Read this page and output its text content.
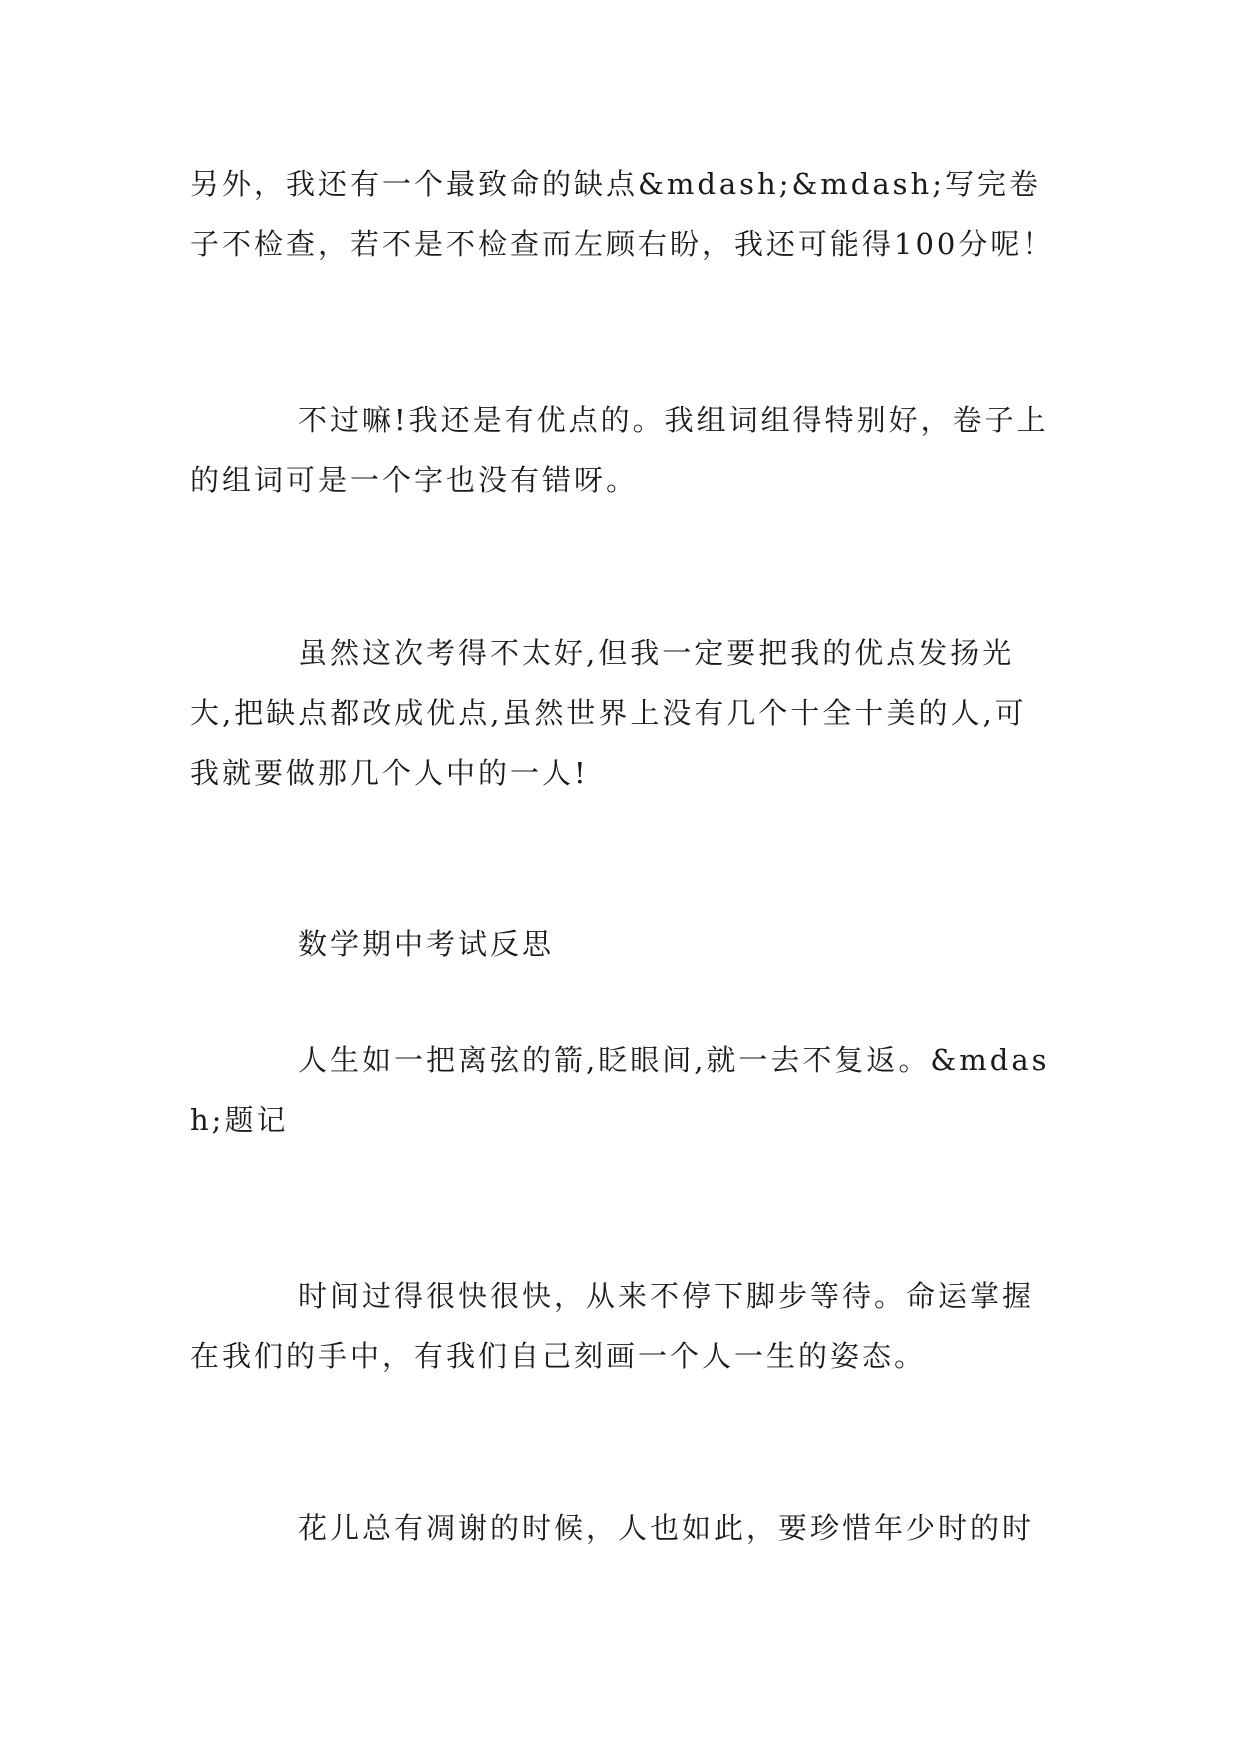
另外，我还有一个最致命的缺点&mdash;&mdash;写完卷子不检查，若不是不检查而左顾右盼，我还可能得100分呢！

不过嘛!我还是有优点的。我组词组得特别好，卷子上的组词可是一个字也没有错呀。

虽然这次考得不太好,但我一定要把我的优点发扬光大,把缺点都改成优点,虽然世界上没有几个十全十美的人,可我就要做那几个人中的一人!

数学期中考试反思

人生如一把离弦的箭,眨眼间,就一去不复返。&mdash;题记

时间过得很快很快，从来不停下脚步等待。命运掌握在我们的手中，有我们自己刻画一个人一生的姿态。

花儿总有凋谢的时候，人也如此，要珍惜年少时的时
